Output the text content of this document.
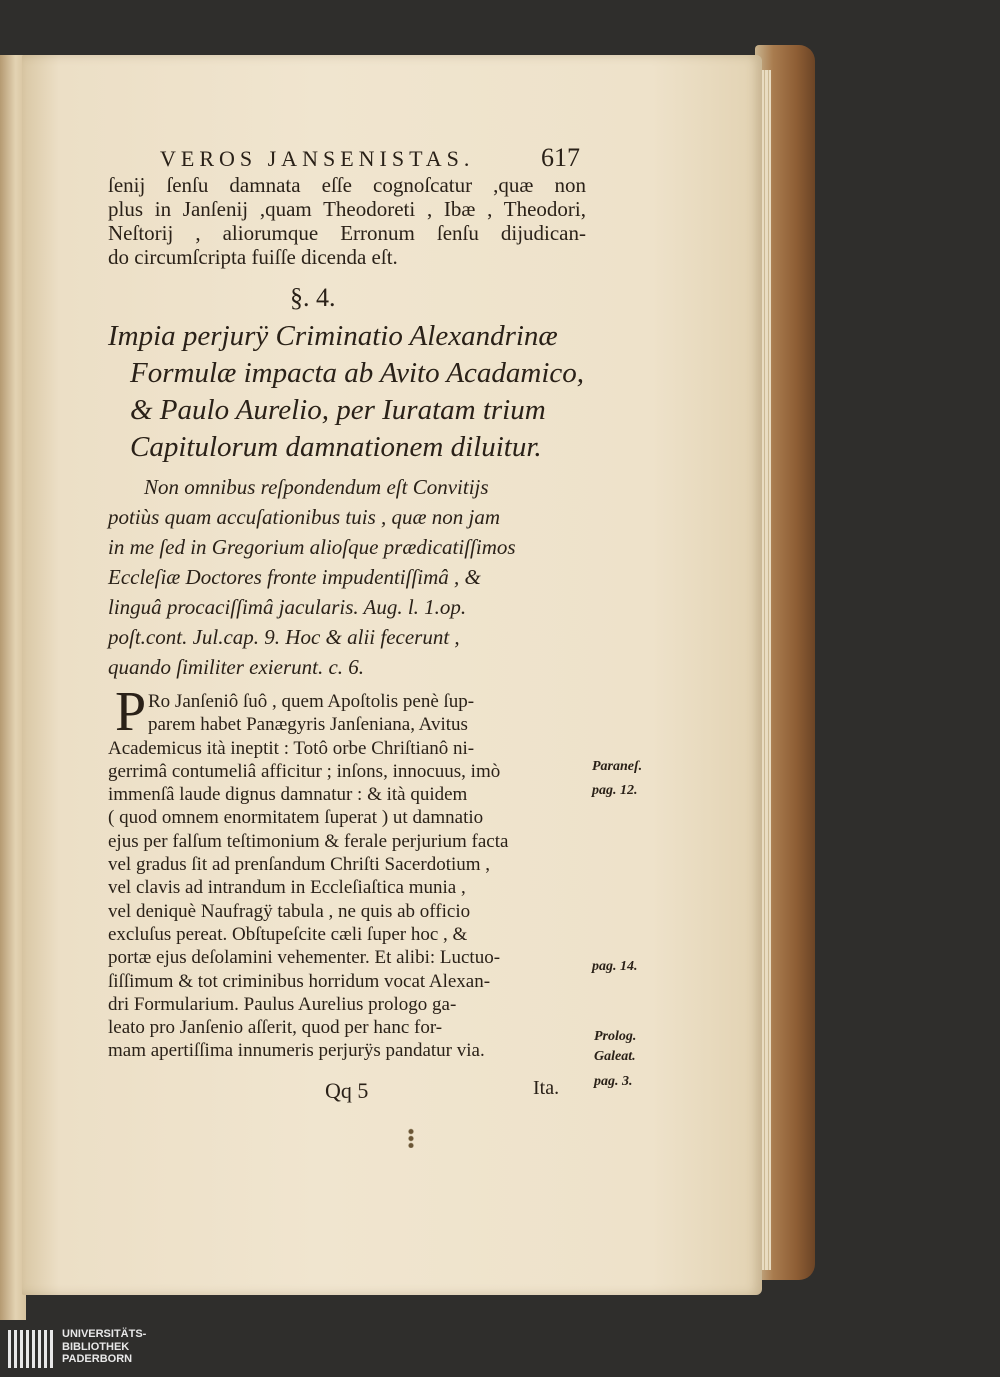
VEROS JANSENISTAS.	617
ſenij ſenſu damnata eſſe cognoſcatur ,quæ non
plus in Janſenij ,quam Theodoreti , Ibæ , Theodori,
Neſtorij , aliorumque Erronum ſenſu dijudican-
do circumſcripta fuiſſe dicenda eſt.
§. 4.
Impia perjurÿ Criminatio Alexandrinæ
Formulæ impacta ab Avito Acadamico,
& Paulo Aurelio, per Iuratam trium
Capitulorum damnationem diluitur.
Non omnibus reſpondendum eſt Convitijs
potiùs quam accuſationibus tuis , quæ non jam
in me ſed in Gregorium alioſque prædicatiſſimos
Eccleſiæ Doctores fronte impudentiſſimâ , &
linguâ procaciſſimâ jacularis. Aug. l. 1.op.
poſt.cont. Jul.cap. 9. Hoc & alii fecerunt ,
quando ſimiliter exierunt. c. 6.
P Ro Janſeniô ſuô , quem Apoſtolis penè ſup-
parem habet Panægyris Janſeniana, Avitus
Academicus ità ineptit : Totô orbe Chriſtianô ni-
gerrimâ contumeliâ afficitur ; inſons, innocuus, imò
immenſâ laude dignus damnatur : & ità quidem
( quod omnem enormitatem ſuperat ) ut damnatio
ejus per falſum teſtimonium & ferale perjurium facta
vel gradus ſit ad prenſandum Chriſti Sacerdotium ,
vel clavis ad intrandum in Eccleſiaſtica munia ,
vel deniquè Naufragÿ tabula , ne quis ab officio
excluſus pereat. Obſtupeſcite cæli ſuper hoc , &
portæ ejus deſolamini vehementer. Et alibi: Luctuo-
ſiſſimum & tot criminibus horridum vocat Alexan-
dri Formularium. Paulus Aurelius prologo ga-
leato pro Janſenio aſſerit, quod per hanc for-
mam apertiſſima innumeris perjurÿs pandatur via.
Paraneſ.
pag. 12.
pag. 14.
Prolog.
Galeat.
pag. 3.
Qq 5	Ita.
UNIVERSITÄTS-
BIBLIOTHEK
PADERBORN
